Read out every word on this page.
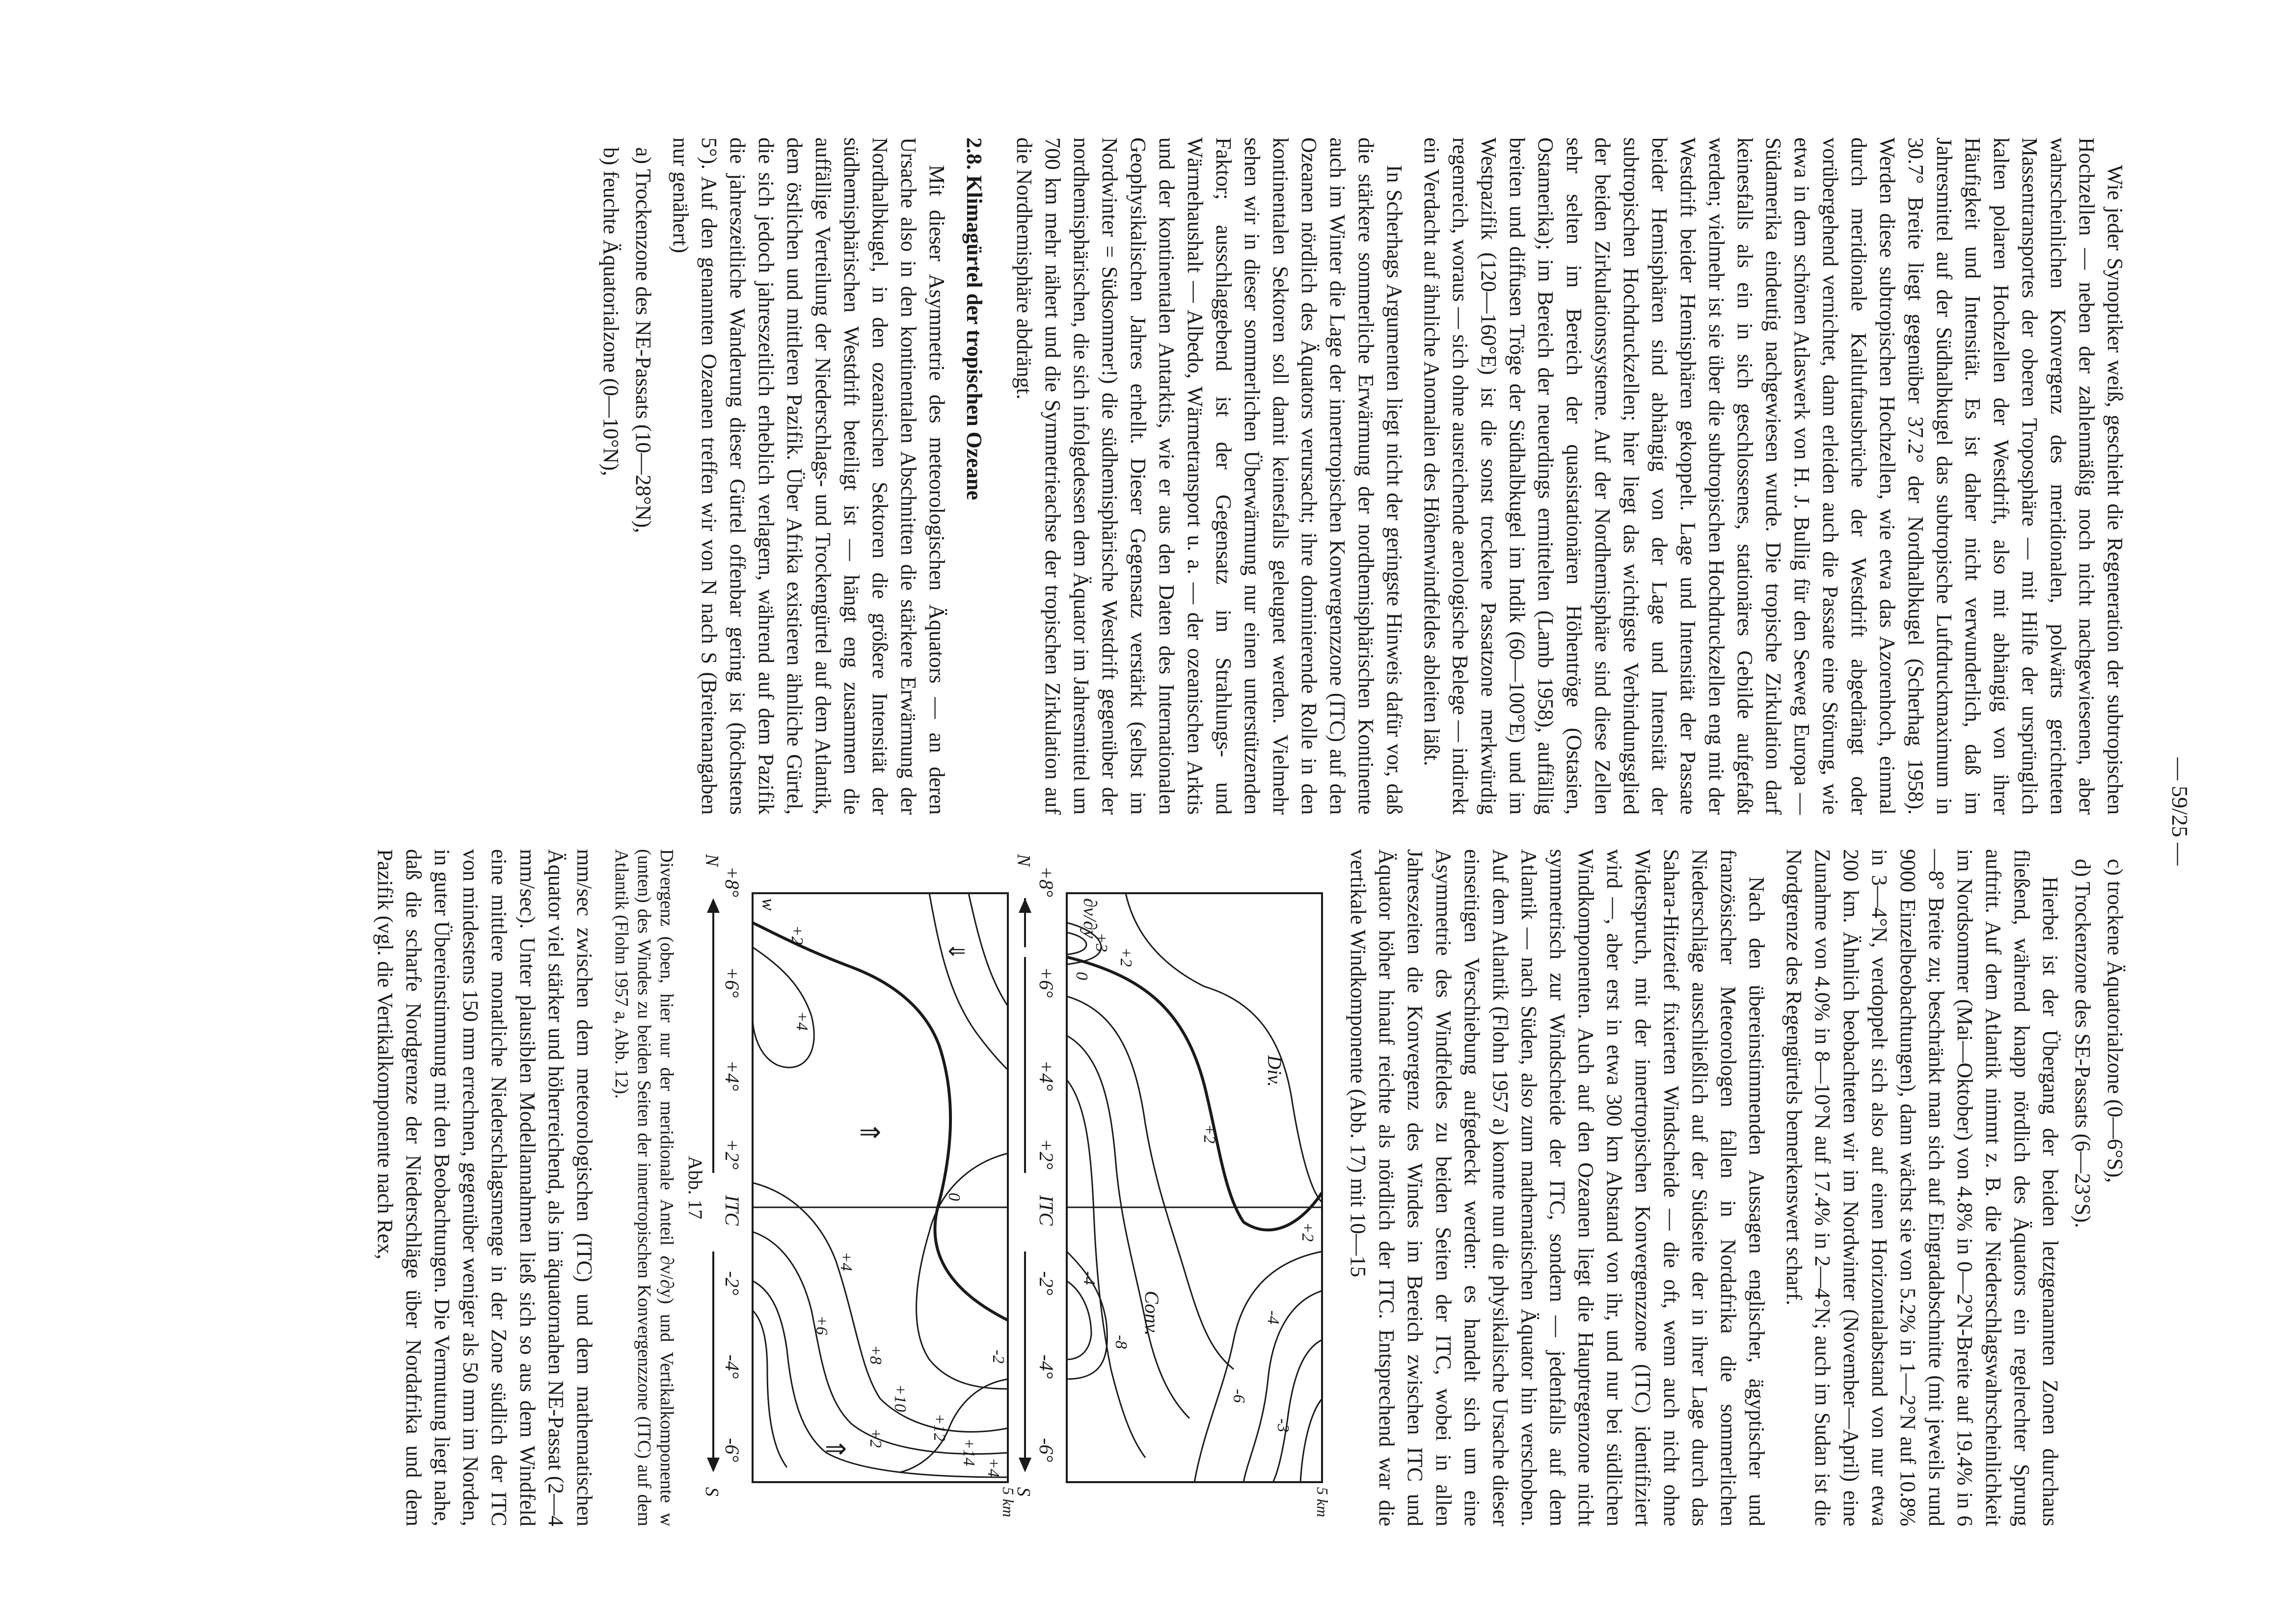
— 59/25 —

Wie jeder Synoptiker weiß, geschieht die Regeneration der subtropischen Hochzellen — neben der zahlenmäßig noch nicht nachgewiesenen, aber wahrscheinlichen Konvergenz des meridionalen, polwärts gerichteten Massentransportes der oberen Troposphäre — mit Hilfe der ursprünglich kalten polaren Hochzellen der Westdrift, also mit abhängig von ihrer Häufigkeit und Intensität. Es ist daher nicht verwunderlich, daß im Jahresmittel auf der Südhalbkugel das subtropische Luftdruckmaximum in 30.7° Breite liegt gegenüber 37.2° der Nordhalbkugel (Scherhag 1958). Werden diese subtropischen Hochzellen, wie etwa das Azorenhoch, einmal durch meridionale Kaltluftausbrüche der Westdrift abgedrängt oder vorübergehend vernichtet, dann erleiden auch die Passate eine Störung, wie etwa in dem schönen Atlaswerk von H. J. Bullig für den Seeweg Europa — Südamerika eindeutig nachgewiesen wurde. Die tropische Zirkulation darf keinesfalls als ein in sich geschlossenes, stationäres Gebilde aufgefaßt werden; vielmehr ist sie über die subtropischen Hochdruckzellen eng mit der Westdrift beider Hemisphären gekoppelt. Lage und Intensität der Passate beider Hemisphären sind abhängig von der Lage und Intensität der subtropischen Hochdruckzellen; hier liegt das wichtigste Verbindungsglied der beiden Zirkulationssysteme. Auf der Nordhemisphäre sind diese Zellen sehr selten im Bereich der quasistationären Höhentröge (Ostasien, Ostamerika); im Bereich der neuerdings ermittelten (Lamb 1958), auffällig breiten und diffusen Tröge der Südhalbkugel im Indik (60—100°E) und im Westpazifik (120—160°E) ist die sonst trockene Passatzone merkwürdig regenreich, woraus — sich ohne ausreichende aerologische Belege — indirekt ein Verdacht auf ähnliche Anomalien des Höhenwindfeldes ableiten läßt.

In Scherhags Argumenten liegt nicht der geringste Hinweis dafür vor, daß die stärkere sommerliche Erwärmung der nordhemisphärischen Kontinente auch im Winter die Lage der innertropischen Konvergenzzone (ITC) auf den Ozeanen nördlich des Äquators verursacht; ihre dominierende Rolle in den kontinentalen Sektoren soll damit keinesfalls geleugnet werden. Vielmehr sehen wir in dieser sommerlichen Überwärmung nur einen unterstützenden Faktor; ausschlaggebend ist der Gegensatz im Strahlungs- und Wärmehaushalt — Albedo, Wärmetransport u. a. — der ozeanischen Arktis und der kontinentalen Antarktis, wie er aus den Daten des Internationalen Geophysikalischen Jahres erhellt. Dieser Gegensatz verstärkt (selbst im Nordwinter = Südsommer!) die südhemisphärische Westdrift gegenüber der nordhemisphärischen, die sich infolgedessen dem Äquator im Jahresmittel um 700 km mehr nähert und die Symmetrieachse der tropischen Zirkulation auf die Nordhemisphäre abdrängt.

2.8. Klimagürtel der tropischen Ozeane

Mit dieser Asymmetrie des meteorologischen Äquators — an deren Ursache also in den kontinentalen Abschnitten die stärkere Erwärmung der Nordhalbkugel, in den ozeanischen Sektoren die größere Intensität der südhemisphärischen Westdrift beteiligt ist — hängt eng zusammen die auffällige Verteilung der Niederschlags- und Trockengürtel auf dem Atlantik, dem östlichen und mittleren Pazifik. Über Afrika existieren ähnliche Gürtel, die sich jedoch jahreszeitlich erheblich verlagern, während auf dem Pazifik die jahreszeitliche Wanderung dieser Gürtel offenbar gering ist (höchstens 5°). Auf den genannten Ozeanen treffen wir von N nach S (Breitenangaben nur genähert)

a) Trockenzone des NE-Passats (10—28°N),
b) feuchte Äquatorialzone (0—10°N),
c) trockene Äquatorialzone (0—6°S),
d) Trockenzone des SE-Passats (6—23°S).

Hierbei ist der Übergang der beiden letztgenannten Zonen durchaus fließend, während knapp nördlich des Äquators ein regelrechter Sprung auftritt. Auf dem Atlantik nimmt z. B. die Niederschlagswahrscheinlichkeit im Nordsommer (Mai—Oktober) von 4.8% in 0—2°N-Breite auf 19.4% in 6—8° Breite zu; beschränkt man sich auf Eingradabschnitte (mit jeweils rund 9000 Einzelbeobachtungen), dann wächst sie von 5.2% in 1—2°N auf 10.8% in 3—4°N, verdoppelt sich also auf einen Horizontalabstand von nur etwa 200 km. Ähnlich beobachteten wir im Nordwinter (November—April) eine Zunahme von 4.0% in 8—10°N auf 17.4% in 2—4°N; auch im Sudan ist die Nordgrenze des Regengürtels bemerkenswert scharf.

Nach den übereinstimmenden Aussagen englischer, ägyptischer und französischer Meteorologen fallen in Nordafrika die sommerlichen Niederschläge ausschließlich auf der Südseite der in ihrer Lage durch das Sahara-Hitzetief fixierten Windscheide — die oft, wenn auch nicht ohne Widerspruch, mit der innertropischen Konvergenzzone (ITC) identifiziert wird —, aber erst in etwa 300 km Abstand von ihr, und nur bei südlichen Windkomponenten. Auch auf den Ozeanen liegt die Hauptregenzone nicht symmetrisch zur Windscheide der ITC, sondern — jedenfalls auf dem Atlantik — nach Süden, also zum mathematischen Äquator hin verschoben. Auf dem Atlantik (Flohn 1957 a) konnte nun die physikalische Ursache dieser einseitigen Verschiebung aufgedeckt werden: es handelt sich um eine Asymmetrie des Windfeldes zu beiden Seiten der ITC, wobei in allen Jahreszeiten die Konvergenz des Windes im Bereich zwischen ITC und Äquator höher hinauf reichte als nördlich der ITC. Entsprechend war die vertikale Windkomponente (Abb. 17) mit 10—15

+8°
+6°
+4°
+2°
ITC
-2°
-4°
-6°
N
S	5 km
∂v/∂y
Div.
Conv.
+2
+2
+3
+2
0
-8
-4
-6
-3
-4
+8°
+6°
+4°
+2°
ITC
-2°
-4°
-6°
N
S	5 km
w
+2
+4
0
-2
+4
+6
+8
+10
+12
+14
+4
+2
⇓
⇑
⇑
Abb. 17
Divergenz (oben, hier nur der meridionale Anteil ∂v/∂y) und Vertikalkomponente w (unten) des Windes zu beiden Seiten der innertropischen Konvergenzzone (ITC) auf dem Atlantik (Flohn 1957 a, Abb. 12).

mm/sec zwischen dem meteorologischen (ITC) und dem mathematischen Äquator viel stärker und höherreichend, als im äquatornahen NE-Passat (2—4 mm/sec). Unter plausiblen Modellannahmen ließ sich so aus dem Windfeld eine mittlere monatliche Niederschlagsmenge in der Zone südlich der ITC von mindestens 150 mm errechnen, gegenüber weniger als 50 mm im Norden, in guter Übereinstimmung mit den Beobachtungen. Die Vermutung liegt nahe, daß die scharfe Nordgrenze der Niederschläge über Nordafrika und dem Pazifik (vgl. die Vertikalkomponente nach Rex,
